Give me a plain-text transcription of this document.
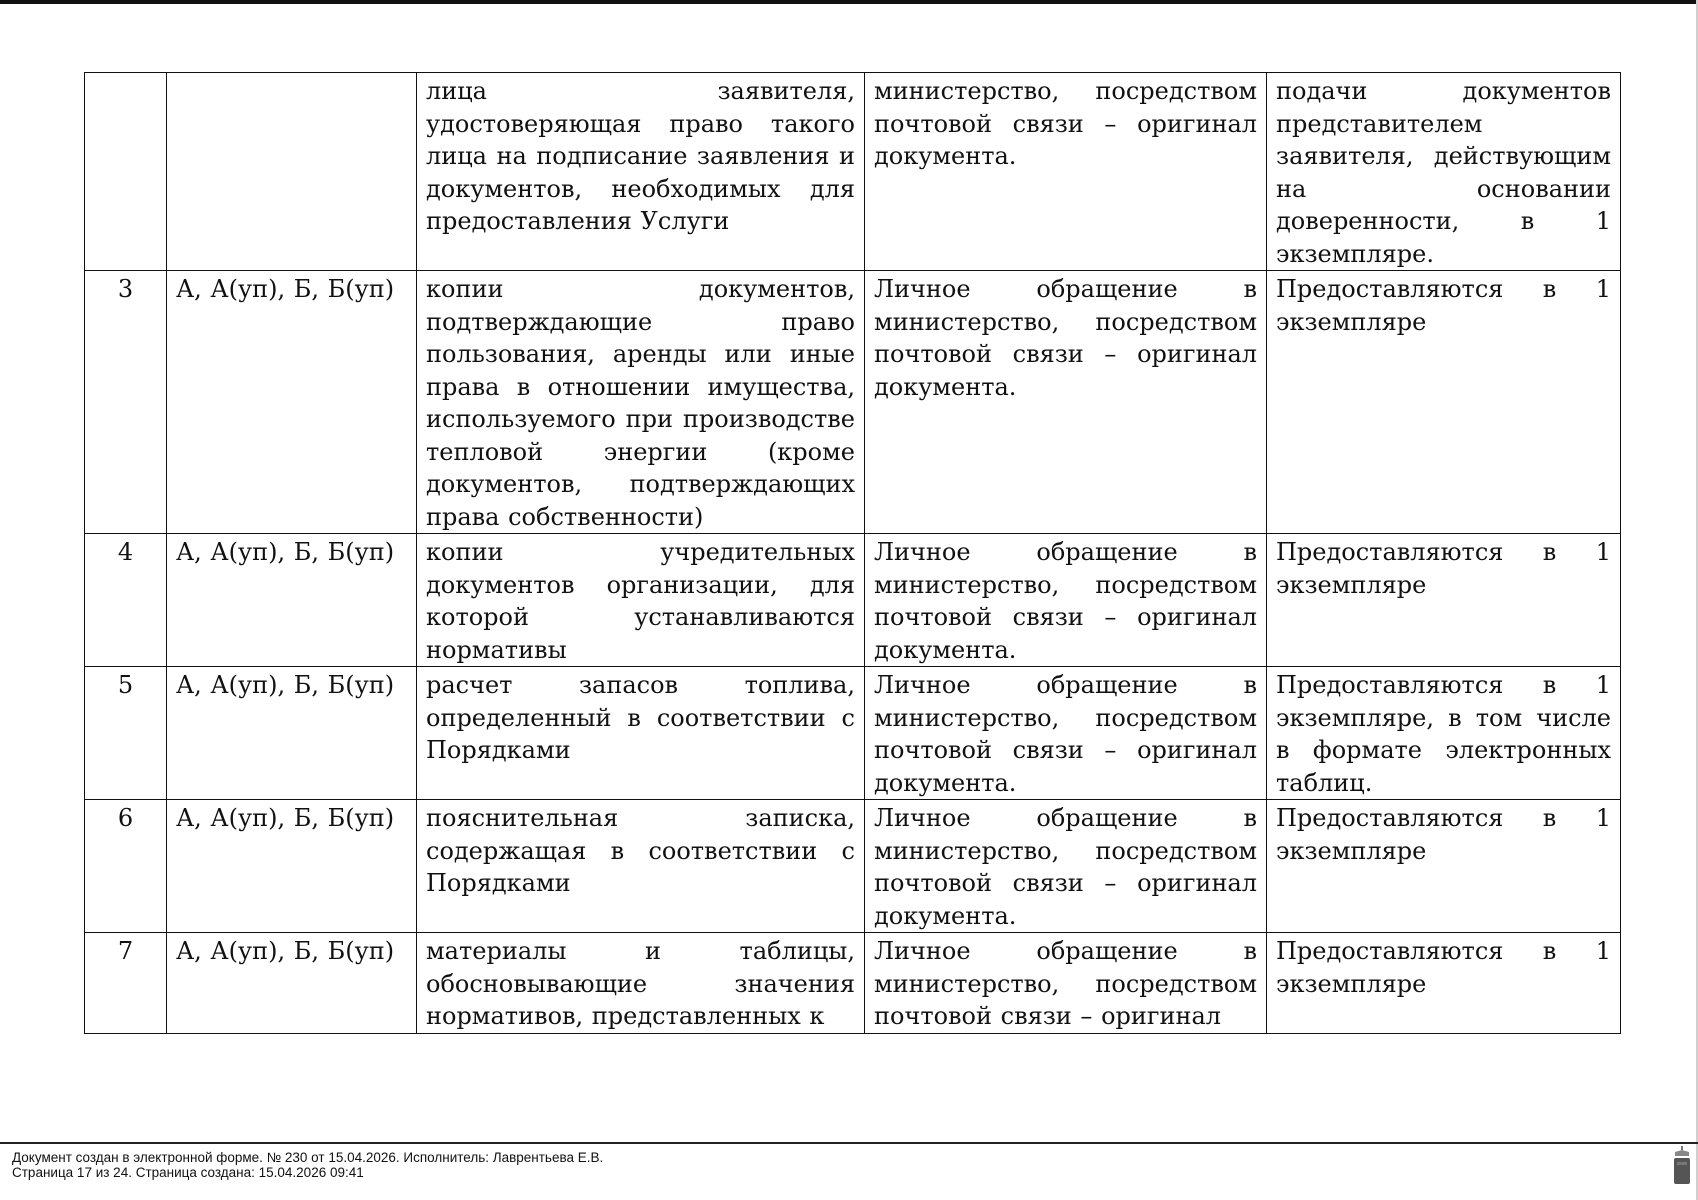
		лица заявителя, удостоверяющая право такого лица на подписание заявления и документов, необходимых для предоставления Услуги	министерство, посредством почтовой связи – оригинал документа.	подачи документов представителем заявителя, действующим на основании доверенности, в 1 экземпляре.
3	А, А(уп), Б, Б(уп)	копии документов, подтверждающие право пользования, аренды или иные права в отношении имущества, используемого при производстве тепловой энергии (кроме документов, подтверждающих права собственности)	Личное обращение в министерство, посредством почтовой связи – оригинал документа.	Предоставляются в 1 экземпляре
4	А, А(уп), Б, Б(уп)	копии учредительных документов организации, для которой устанавливаются нормативы	Личное обращение в министерство, посредством почтовой связи – оригинал документа.	Предоставляются в 1 экземпляре
5	А, А(уп), Б, Б(уп)	расчет запасов топлива, определенный в соответствии с Порядками	Личное обращение в министерство, посредством почтовой связи – оригинал документа.	Предоставляются в 1 экземпляре, в том числе в формате электронных таблиц.
6	А, А(уп), Б, Б(уп)	пояснительная записка, содержащая в соответствии с Порядками	Личное обращение в министерство, посредством почтовой связи – оригинал документа.	Предоставляются в 1 экземпляре
7	А, А(уп), Б, Б(уп)	материалы и таблицы, обосновывающие значения нормативов, представленных к	Личное обращение в министерство, посредством почтовой связи – оригинал	Предоставляются в 1 экземпляре
Документ создан в электронной форме. № 230 от 15.04.2026. Исполнитель: Лаврентьева Е.В.
Страница 17 из 24. Страница создана: 15.04.2026 09:41
